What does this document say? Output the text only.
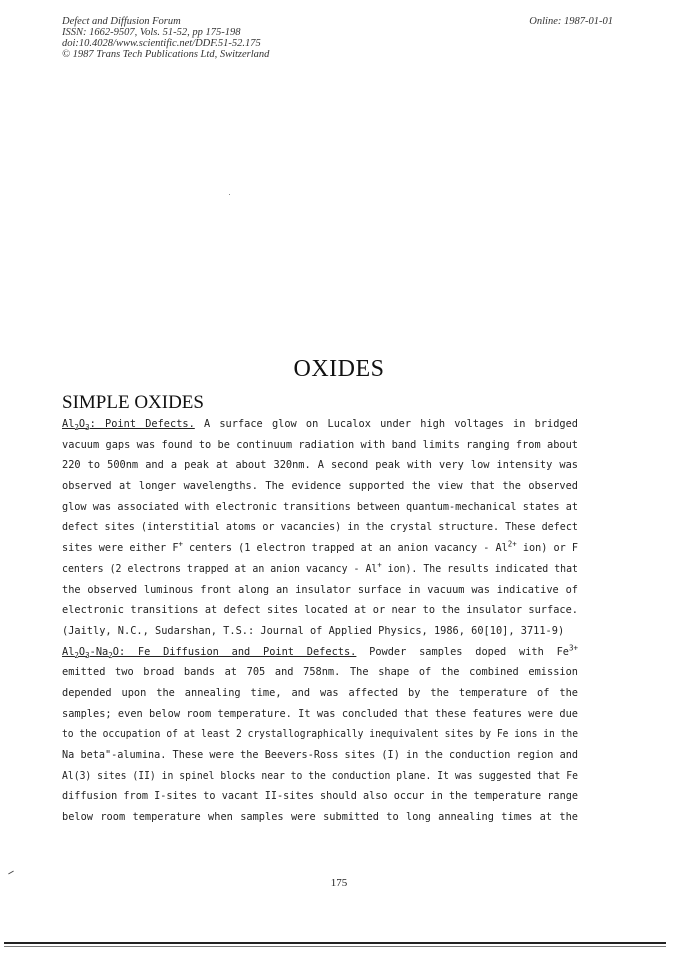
Defect and Diffusion Forum
ISSN: 1662-9507, Vols. 51-52, pp 175-198
doi:10.4028/www.scientific.net/DDF.51-52.175
© 1987 Trans Tech Publications Ltd, Switzerland
Online: 1987-01-01
OXIDES
SIMPLE OXIDES
$Al_2O_3$: Point Defects. A surface glow on Lucalox under high voltages in bridged
vacuum gaps was found to be continuum radiation with band limits ranging from about
220 to 500nm and a peak at about 320nm. A second peak with very low intensity was
observed at longer wavelengths. The evidence supported the view that the observed
glow was associated with electronic transitions between quantum-mechanical states at
defect sites (interstitial atoms or vacancies) in the crystal structure. These defect
sites were either F+ centers (1 electron trapped at an anion vacancy - $Al^{2+}$ ion) or F
centers (2 electrons trapped at an anion vacancy - Al+ ion). The results indicated that
the observed luminous front along an insulator surface in vacuum was indicative of
electronic transitions at defect sites located at or near to the insulator surface.
(Jaitly, N.C., Sudarshan, T.S.: Journal of Applied Physics, 1986, 60[10], 3711-9)
$Al_2O_3-Na_2O$: Fe Diffusion and Point Defects. Powder samples doped with $Fe^{3+}$
emitted two broad bands at 705 and 758nm. The shape of the combined emission
depended upon the annealing time, and was affected by the temperature of the
samples; even below room temperature. It was concluded that these features were due
to the occupation of at least 2 crystallographically inequivalent sites by Fe ions in the
Na beta"-alumina. These were the Beevers-Ross sites (I) in the conduction region and
Al(3) sites (II) in spinel blocks near to the conduction plane. It was suggested that Fe
diffusion from I-sites to vacant II-sites should also occur in the temperature range
below room temperature when samples were submitted to long annealing times at the
175
